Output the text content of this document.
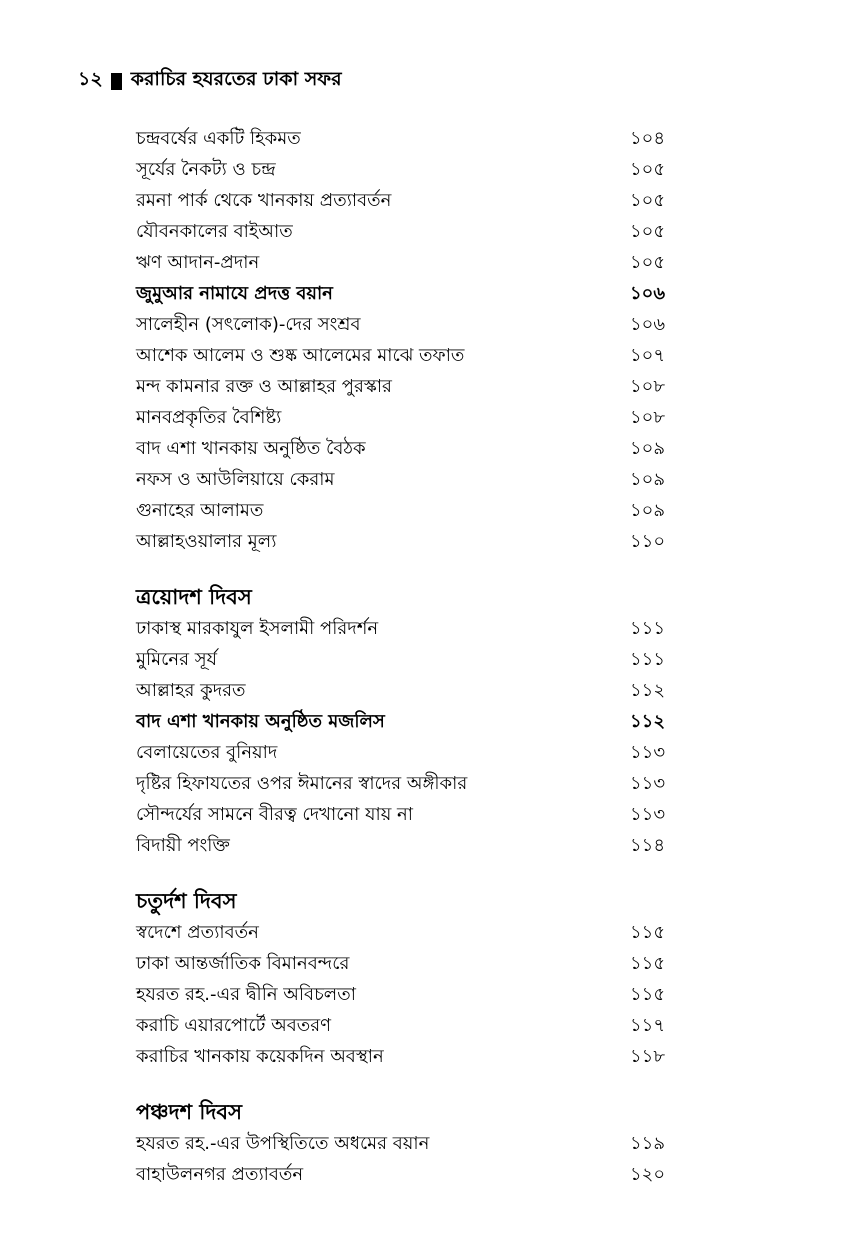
১২ করাচির হযরতের ঢাকা সফর
চন্দ্রবর্ষের একটি হিকমত	১০৪
সূর্যের নৈকট্য ও চন্দ্র	১০৫
রমনা পার্ক থেকে খানকায় প্রত্যাবর্তন	১০৫
যৌবনকালের বাইআত	১০৫
ঋণ আদান-প্রদান	১০৫
জুমুআর নামাযে প্রদত্ত বয়ান	১০৬
সালেহীন (সৎলোক)-দের সংশ্রব	১০৬
আশেক আলেম ও শুষ্ক আলেমের মাঝে তফাত	১০৭
মন্দ কামনার রক্ত ও আল্লাহর পুরস্কার	১০৮
মানবপ্রকৃতির বৈশিষ্ট্য	১০৮
বাদ এশা খানকায় অনুষ্ঠিত বৈঠক	১০৯
নফস ও আউলিয়ায়ে কেরাম	১০৯
গুনাহের আলামত	১০৯
আল্লাহওয়ালার মূল্য	১১০
ত্রয়োদশ দিবস
ঢাকাস্থ মারকাযুল ইসলামী পরিদর্শন	১১১
মুমিনের সূর্য	১১১
আল্লাহর কুদরত	১১২
বাদ এশা খানকায় অনুষ্ঠিত মজলিস	১১২
বেলায়েতের বুনিয়াদ	১১৩
দৃষ্টির হিফাযতের ওপর ঈমানের স্বাদের অঙ্গীকার	১১৩
সৌন্দর্যের সামনে বীরত্ব দেখানো যায় না	১১৩
বিদায়ী পংক্তি	১১৪
চতুর্দশ দিবস
স্বদেশে প্রত্যাবর্তন	১১৫
ঢাকা আন্তর্জাতিক বিমানবন্দরে	১১৫
হযরত রহ.-এর দ্বীনি অবিচলতা	১১৫
করাচি এয়ারপোর্টে অবতরণ	১১৭
করাচির খানকায় কয়েকদিন অবস্থান	১১৮
পঞ্চদশ দিবস
হযরত রহ.-এর উপস্থিতিতে অধমের বয়ান	১১৯
বাহাউলনগর প্রত্যাবর্তন	১২০
